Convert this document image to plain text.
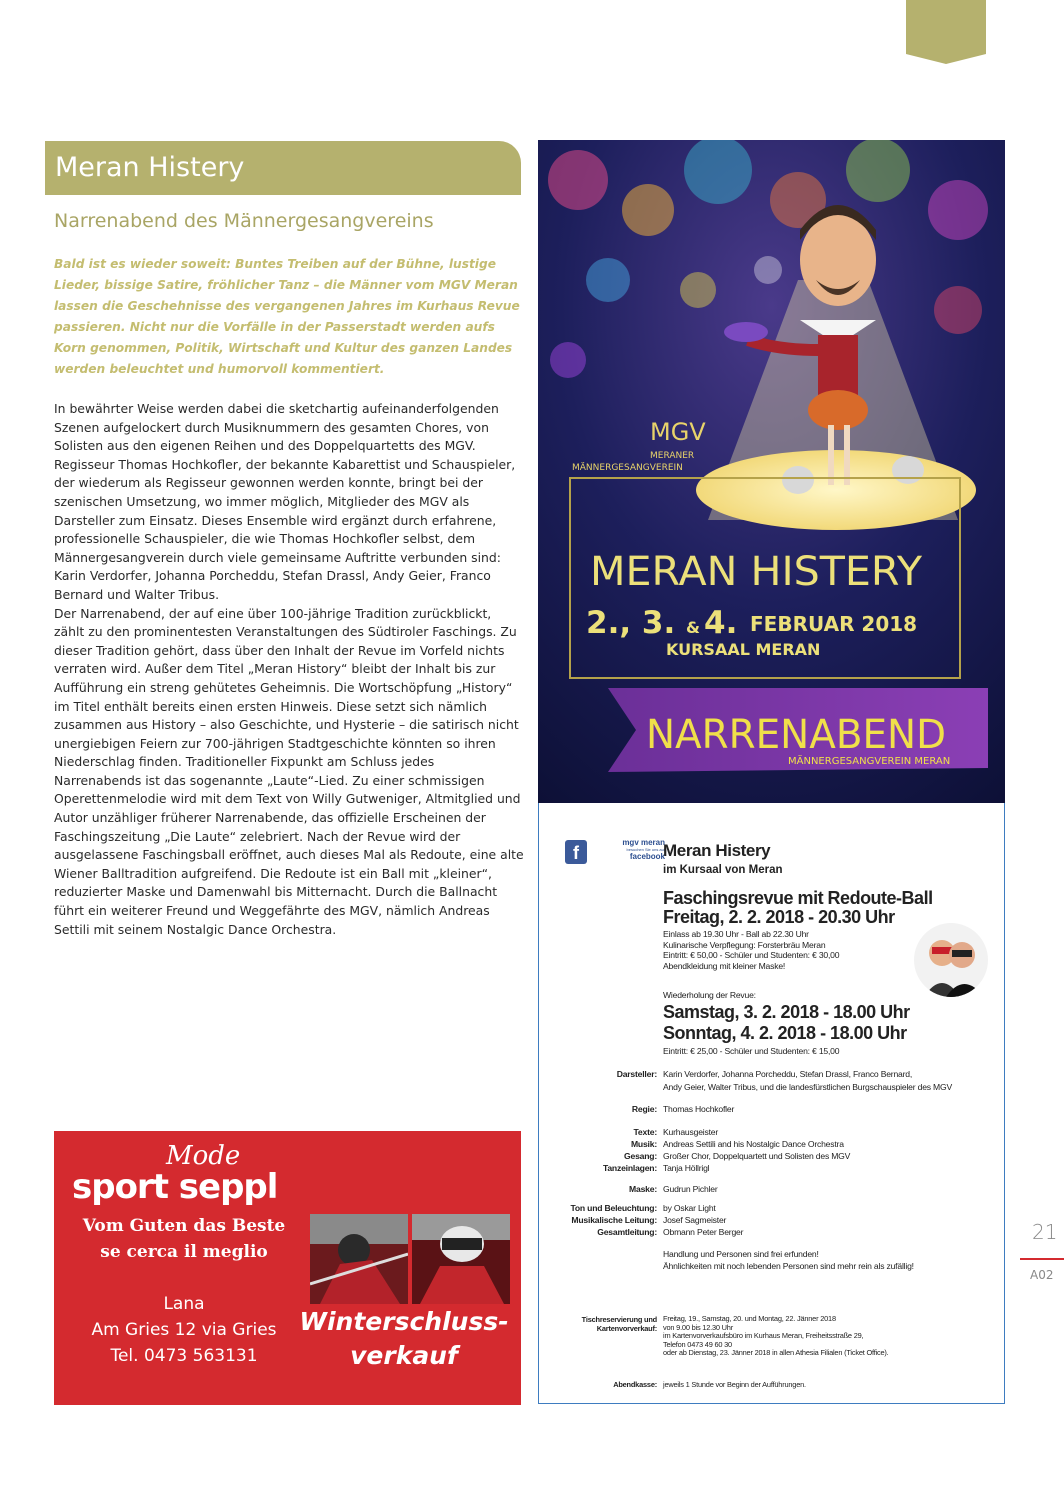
Meran Histery
Narrenabend des Männergesangvereins
Bald ist es wieder soweit: Buntes Treiben auf der Bühne, lustige Lieder, bissige Satire, fröhlicher Tanz – die Männer vom MGV Meran lassen die Geschehnisse des vergangenen Jahres im Kurhaus Revue passieren. Nicht nur die Vorfälle in der Passerstadt werden aufs Korn genommen, Politik, Wirtschaft und Kultur des ganzen Landes werden beleuchtet und humorvoll kommentiert.

In bewährter Weise werden dabei die sketchartig aufeinanderfolgenden Szenen aufgelockert durch Musiknummern des gesamten Chores, von Solisten aus den eigenen Reihen und des Doppelquartetts des MGV. Regisseur Thomas Hochkofler, der bekannte Kabarettist und Schauspieler, der wiederum als Regisseur gewonnen werden konnte, bringt bei der szenischen Umsetzung, wo immer möglich, Mitglieder des MGV als Darsteller zum Einsatz. Dieses Ensemble wird ergänzt durch erfahrene, professionelle Schauspieler, die wie Thomas Hochkofler selbst, dem Männergesangverein durch viele gemeinsame Auftritte verbunden sind: Karin Verdorfer, Johanna Porcheddu, Stefan Drassl, Andy Geier, Franco Bernard und Walter Tribus.

Der Narrenabend, der auf eine über 100-jährige Tradition zurückblickt, zählt zu den prominentesten Veranstaltungen des Südtiroler Faschings. Zu dieser Tradition gehört, dass über den Inhalt der Revue im Vorfeld nichts verraten wird. Außer dem Titel „Meran History“ bleibt der Inhalt bis zur Aufführung ein streng gehütetes Geheimnis. Die Wortschöpfung „History“ im Titel enthält bereits einen ersten Hinweis. Diese setzt sich nämlich zusammen aus History – also Geschichte, und Hysterie – die satirisch nicht unergiebigen Feiern zur 700-jährigen Stadtgeschichte könnten so ihren Niederschlag finden. Traditioneller Fixpunkt am Schluss jedes Narrenabends ist das sogenannte „Laute“-Lied. Zu einer schmissigen Operettenmelodie wird mit dem Text von Willy Gutweniger, Altmitglied und Autor unzähliger früherer Narrenabende, das offizielle Erscheinen der Faschingszeitung „Die Laute“ zelebriert. Nach der Revue wird der ausgelassene Faschingsball eröffnet, auch dieses Mal als Redoute, eine alte Wiener Balltradition aufgreifend. Die Redoute ist ein Ball mit „kleiner“, reduzierter Maske und Damenwahl bis Mitternacht. Durch die Ballnacht führt ein weiterer Freund und Weggefährte des MGV, nämlich Andreas Settili mit seinem Nostalgic Dance Orchestra.

sport seppl
Mode
Vom Guten das Beste
se cerca il meglio
Lana
Am Gries 12 via Gries
Tel. 0473 563131
Winterschluss-
verkauf
MGV
MERANER
MÄNNERGESANGVEREIN
MERAN HISTERY
2., 3. & 4. FEBRUAR 2018
KURSAAL MERAN
NARRENABEND
MÄNNERGESANGVEREIN MERAN
f
mgv meran
besuchen Sie uns auf
facebook
Meran Histery
im Kursaal von Meran
Faschingsrevue mit Redoute-Ball
Freitag, 2. 2. 2018 - 20.30 Uhr
Einlass ab 19.30 Uhr - Ball ab 22.30 Uhr
Kulinarische Verpflegung: Forsterbräu Meran
Eintritt: € 50,00 - Schüler und Studenten: € 30,00
Abendkleidung mit kleiner Maske!
Wiederholung der Revue:
Samstag, 3. 2. 2018 - 18.00 Uhr
Sonntag, 4. 2. 2018 - 18.00 Uhr
Eintritt: € 25,00 - Schüler und Studenten: € 15,00
Darsteller: Karin Verdorfer, Johanna Porcheddu, Stefan Drassl, Franco Bernard,
Andy Geier, Walter Tribus, und die landesfürstlichen Burgschauspieler des MGV
Regie: Thomas Hochkofler
Texte: Kurhausgeister
Musik: Andreas Settili and his Nostalgic Dance Orchestra
Gesang: Großer Chor, Doppelquartett und Solisten des MGV
Tanzeinlagen: Tanja Höllrigl
Maske: Gudrun Pichler
Ton und Beleuchtung: by Oskar Light
Musikalische Leitung: Josef Sagmeister
Gesamtleitung: Obmann Peter Berger
Handlung und Personen sind frei erfunden!
Ähnlichkeiten mit noch lebenden Personen sind mehr rein als zufällig!
Tischreservierung und
Kartenvorverkauf:
Freitag, 19., Samstag, 20. und Montag, 22. Jänner 2018
von 9.00 bis 12.30 Uhr
im Kartenvorverkaufsbüro im Kurhaus Meran, Freiheitsstraße 29,
Telefon 0473 49 60 30
oder ab Dienstag, 23. Jänner 2018 in allen Athesia Filialen (Ticket Office).
Abendkasse: jeweils 1 Stunde vor Beginn der Aufführungen.
21
A02
